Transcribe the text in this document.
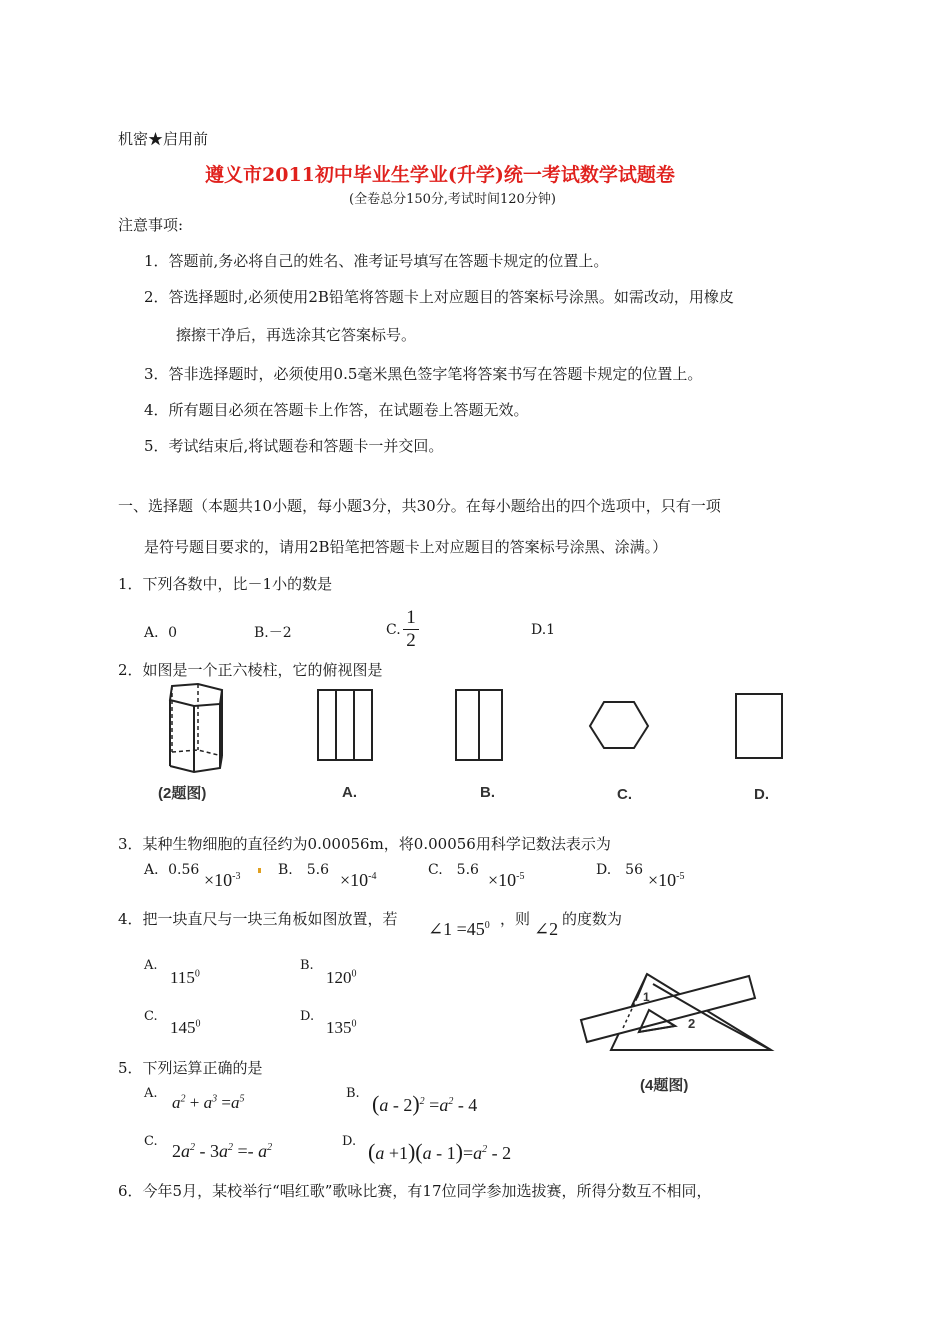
机密★启用前
遵义市2011初中毕业生学业(升学)统一考试数学试题卷
(全卷总分150分,考试时间120分钟)
注意事项:
1．答题前,务必将自己的姓名、准考证号填写在答题卡规定的位置上。
2．答选择题时,必须使用2B铅笔将答题卡上对应题目的答案标号涂黑。如需改动，用橡皮
擦擦干净后，再选涂其它答案标号。
3．答非选择题时，必须使用0.5毫米黑色签字笔将答案书写在答题卡规定的位置上。
4．所有题目必须在答题卡上作答，在试题卷上答题无效。
5．考试结束后,将试题卷和答题卡一并交回。
一、选择题（本题共10小题，每小题3分，共30分。在每小题给出的四个选项中，只有一项
是符号题目要求的，请用2B铅笔把答题卡上对应题目的答案标号涂黑、涂满。）
1．下列各数中，比－1小的数是
A．0	B.－2	C.
1
2	D.1
2．如图是一个正六棱柱，它的俯视图是
(2题图)	A.	B.	C.	D.
3．某种生物细胞的直径约为0.00056m，将0.00056用科学记数法表示为
A．$0.56 \times 10^{-3}$	B.　$5.6 \times 10^{-4}$	C.　$5.6 \times 10^{-5}$	D.　$56 \times 10^{-5}$
4．把一块直尺与一块三角板如图放置，若 ∠1 $=45^0$ ，则 ∠2 的度数为
A.
$115^0$
B.
$120^0$
C.
$145^0$	D.
$135^0$
1
2
(4题图)
5．下列运算正确的是
A. $a^2 + a^3 =a^5$	B. $(a - 2)^2 =a^2 - 4$
C. $2a^2 - 3a^2 =- a^2$	D. $(a +1)(a - 1)=a^2 - 2$
6．今年5月，某校举行“唱红歌”歌咏比赛，有17位同学参加选拔赛，所得分数互不相同，
